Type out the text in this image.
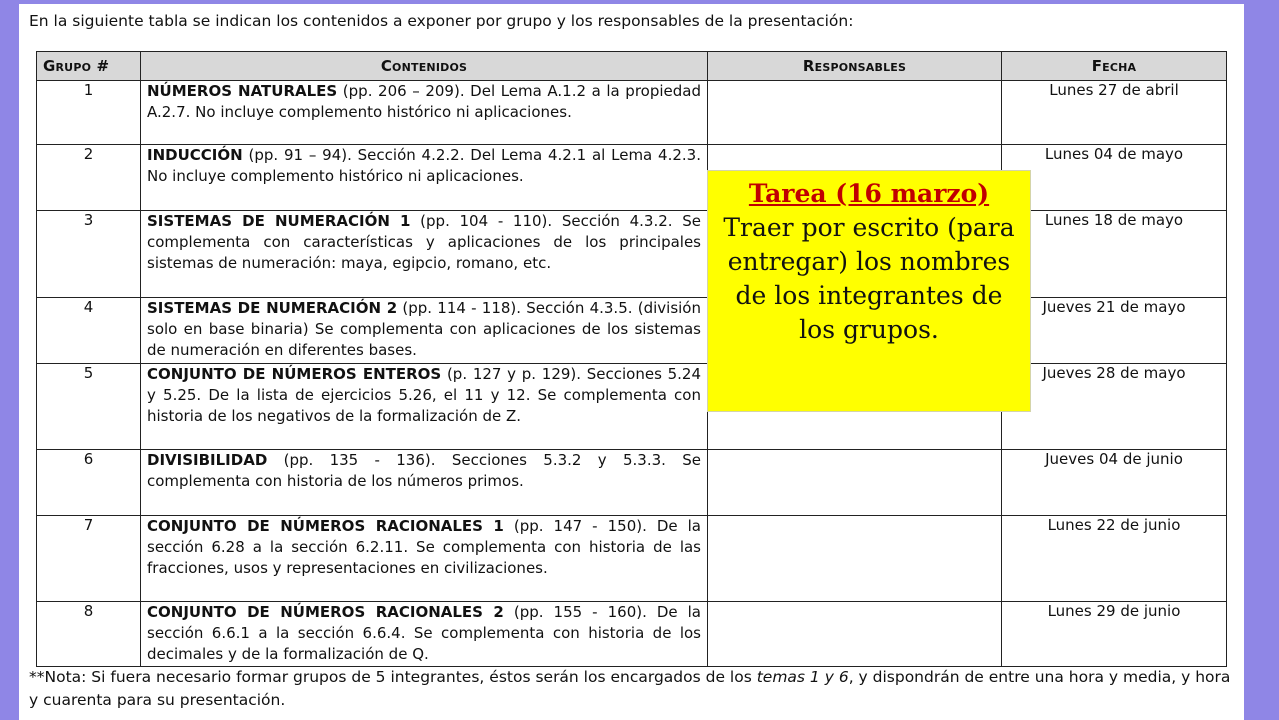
En la siguiente tabla se indican los contenidos a exponer por grupo y los responsables de la presentación:
Grupo #	Contenidos	Responsables	Fecha
1	NÚMEROS NATURALES (pp. 206 – 209). Del Lema A.1.2 a la propiedad A.2.7. No incluye complemento histórico ni aplicaciones.		Lunes 27 de abril
2	INDUCCIÓN (pp. 91 – 94). Sección 4.2.2. Del Lema 4.2.1 al Lema 4.2.3. No incluye complemento histórico ni aplicaciones.		Lunes 04 de mayo
3	SISTEMAS DE NUMERACIÓN 1 (pp. 104 - 110). Sección 4.3.2. Se complementa con características y aplicaciones de los principales sistemas de numeración: maya, egipcio, romano, etc.		Lunes 18 de mayo
4	SISTEMAS DE NUMERACIÓN 2 (pp. 114 - 118). Sección 4.3.5. (división solo en base binaria) Se complementa con aplicaciones de los sistemas de numeración en diferentes bases.		Jueves 21 de mayo
5	CONJUNTO DE NÚMEROS ENTEROS (p. 127 y p. 129). Secciones 5.24 y 5.25. De la lista de ejercicios 5.26, el 11 y 12. Se complementa con historia de los negativos de la formalización de Z.		Jueves 28 de mayo
6	DIVISIBILIDAD (pp. 135 - 136). Secciones 5.3.2 y 5.3.3. Se complementa con historia de los números primos.		Jueves 04 de junio
7	CONJUNTO DE NÚMEROS RACIONALES 1 (pp. 147 - 150). De la sección 6.28 a la sección 6.2.11. Se complementa con historia de las fracciones, usos y representaciones en civilizaciones.		Lunes 22 de junio
8	CONJUNTO DE NÚMEROS RACIONALES 2 (pp. 155 - 160). De la sección 6.6.1 a la sección 6.6.4. Se complementa con historia de los decimales y de la formalización de Q.		Lunes 29 de junio
**Nota: Si fuera necesario formar grupos de 5 integrantes, éstos serán los encargados de los temas 1 y 6, y dispondrán de entre una hora y media, y hora y cuarenta para su presentación.
Tarea (16 marzo)
Traer por escrito (para entregar) los nombres de los integrantes de los grupos.
